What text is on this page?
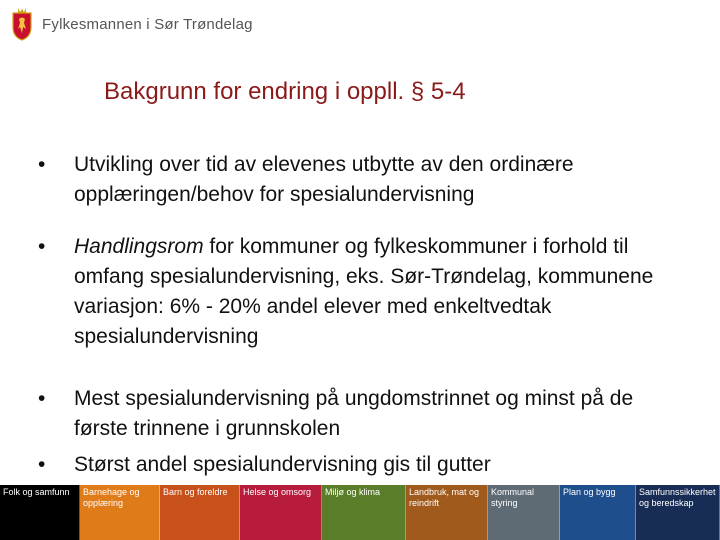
Fylkesmannen i Sør Trøndelag
Bakgrunn for endring i oppll. § 5-4
• Utvikling over tid av elevenes utbytte av den ordinære opplæringen/behov for spesialundervisning
• Handlingsrom for kommuner og fylkeskommuner i forhold til omfang spesialundervisning, eks. Sør-Trøndelag, kommunene variasjon: 6% - 20% andel elever med enkeltvedtak spesialundervisning
• Mest spesialundervisning på ungdomstrinnet og minst på de første trinnene i grunnskolen
• Størst andel spesialundervisning gis til gutter
Folk og samfunn	Barnehage og opplæring
Barn og foreldre	Helse og omsorg	Miljø og klima	Landbruk, mat og reindrift
Kommunal styring
Plan og bygg	Samfunnssikkerhet og beredskap
